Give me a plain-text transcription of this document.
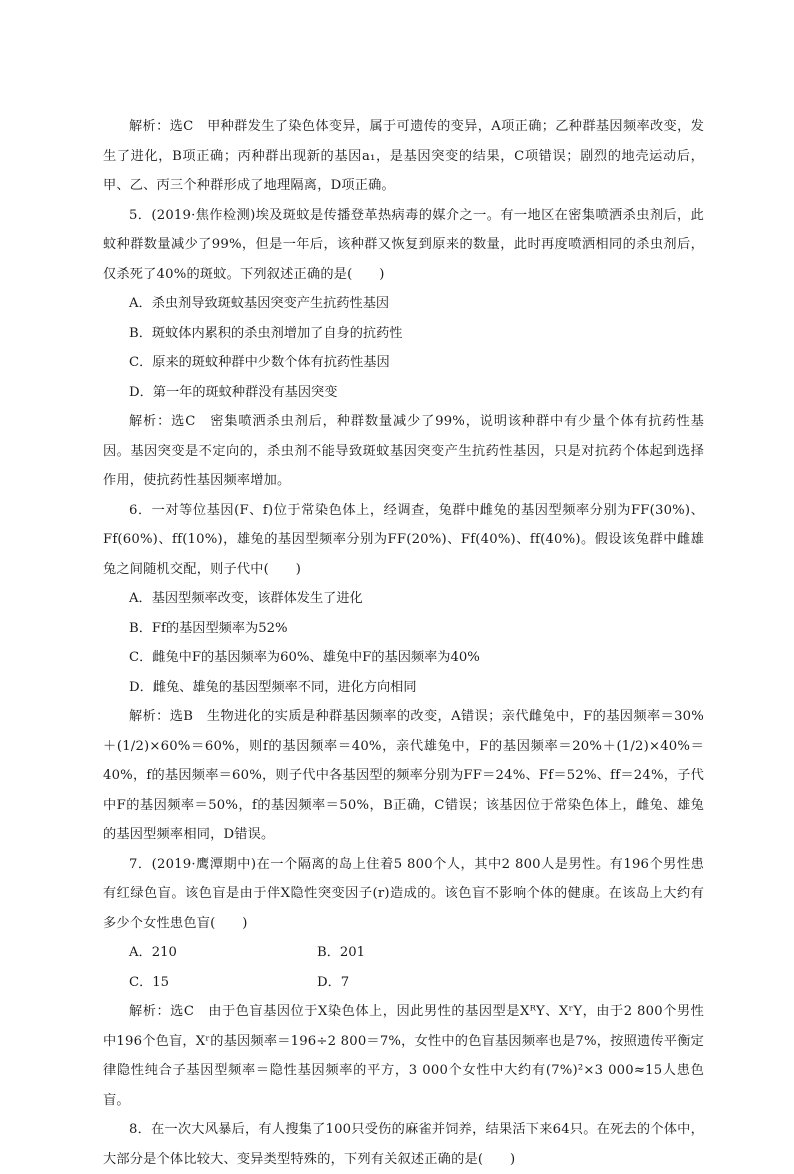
解析：选C　甲种群发生了染色体变异，属于可遗传的变异，A项正确；乙种群基因频率改变，发生了进化，B项正确；丙种群出现新的基因a₁，是基因突变的结果，C项错误；剧烈的地壳运动后，甲、乙、丙三个种群形成了地理隔离，D项正确。

5．(2019·焦作检测)埃及斑蚊是传播登革热病毒的媒介之一。有一地区在密集喷洒杀虫剂后，此蚊种群数量减少了99%，但是一年后，该种群又恢复到原来的数量，此时再度喷洒相同的杀虫剂后，仅杀死了40%的斑蚊。下列叙述正确的是(　　)

A．杀虫剂导致斑蚊基因突变产生抗药性基因

B．斑蚊体内累积的杀虫剂增加了自身的抗药性

C．原来的斑蚊种群中少数个体有抗药性基因

D．第一年的斑蚊种群没有基因突变

解析：选C　密集喷洒杀虫剂后，种群数量减少了99%，说明该种群中有少量个体有抗药性基因。基因突变是不定向的，杀虫剂不能导致斑蚊基因突变产生抗药性基因，只是对抗药个体起到选择作用，使抗药性基因频率增加。

6．一对等位基因(F、f)位于常染色体上，经调查，兔群中雌兔的基因型频率分别为FF(30%)、Ff(60%)、ff(10%)，雄兔的基因型频率分别为FF(20%)、Ff(40%)、ff(40%)。假设该兔群中雌雄兔之间随机交配，则子代中(　　)

A．基因型频率改变，该群体发生了进化

B．Ff的基因型频率为52%

C．雌兔中F的基因频率为60%、雄兔中F的基因频率为40%

D．雌兔、雄兔的基因型频率不同，进化方向相同

解析：选B　生物进化的实质是种群基因频率的改变，A错误；亲代雌兔中，F的基因频率＝30%＋(1/2)×60%＝60%，则f的基因频率＝40%，亲代雄兔中，F的基因频率＝20%＋(1/2)×40%＝40%，f的基因频率＝60%，则子代中各基因型的频率分别为FF＝24%、Ff＝52%、ff＝24%，子代中F的基因频率＝50%，f的基因频率＝50%，B正确，C错误；该基因位于常染色体上，雌兔、雄兔的基因型频率相同，D错误。

7．(2019·鹰潭期中)在一个隔离的岛上住着5 800个人，其中2 800人是男性。有196个男性患有红绿色盲。该色盲是由于伴X隐性突变因子(r)造成的。该色盲不影响个体的健康。在该岛上大约有多少个女性患色盲(　　)

A．210	B．201
C．15	D．7

解析：选C　由于色盲基因位于X染色体上，因此男性的基因型是XᴿY、XʳY，由于2 800个男性中196个色盲，Xʳ的基因频率＝196÷2 800＝7%，女性中的色盲基因频率也是7%，按照遗传平衡定律隐性纯合子基因型频率＝隐性基因频率的平方，3 000个女性中大约有(7%)²×3 000≈15人患色盲。

8．在一次大风暴后，有人搜集了100只受伤的麻雀并饲养，结果活下来64只。在死去的个体中，大部分是个体比较大、变异类型特殊的，下列有关叙述正确的是(　　)
